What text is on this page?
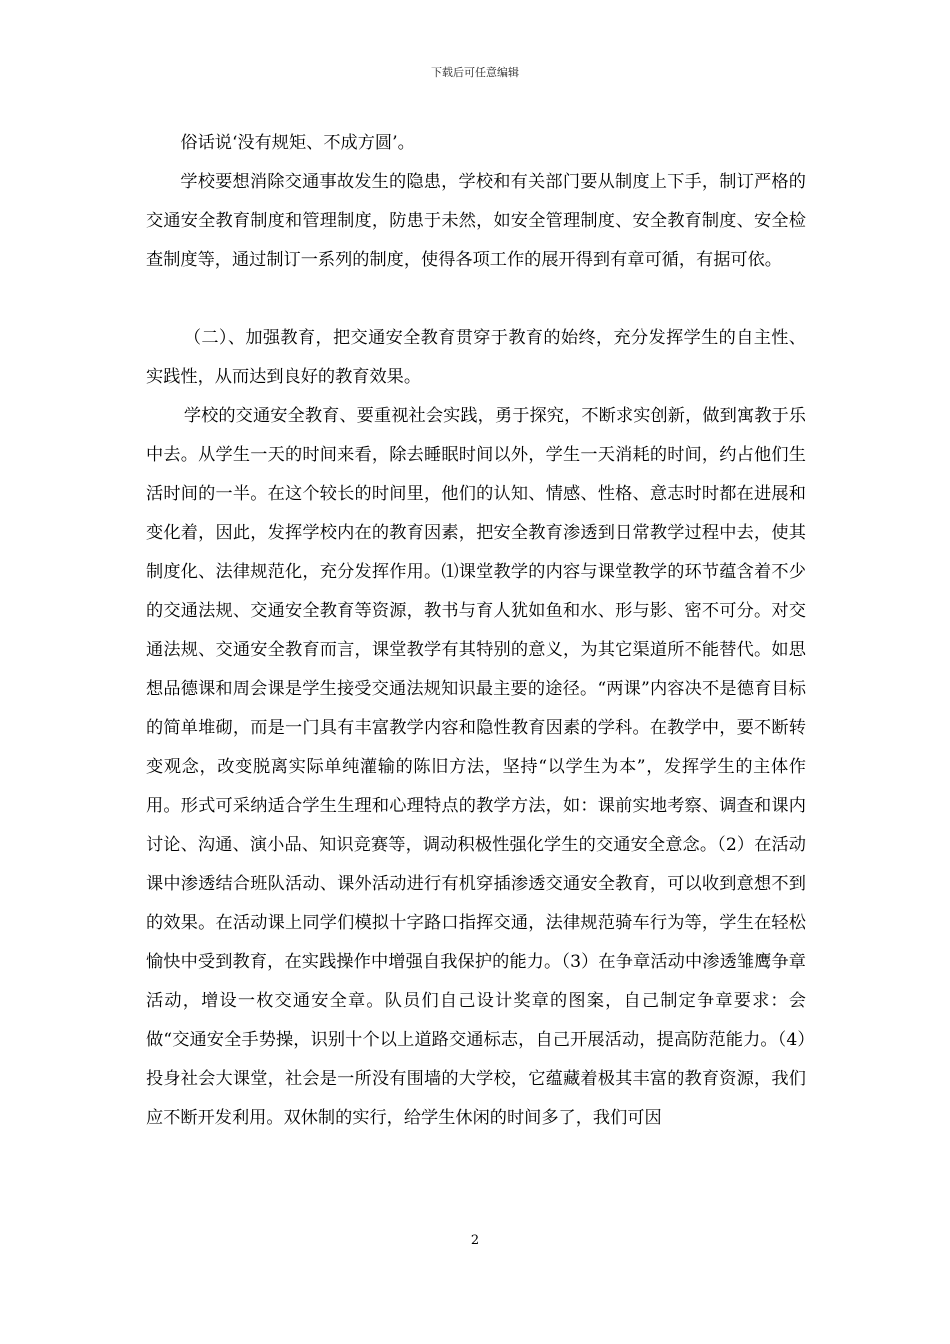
下载后可任意编辑

俗话说‘没有规矩、不成方圆’。

学校要想消除交通事故发生的隐患，学校和有关部门要从制度上下手，制订严格的交通安全教育制度和管理制度，防患于未然，如安全管理制度、安全教育制度、安全检查制度等，通过制订一系列的制度，使得各项工作的展开得到有章可循，有据可依。

（二）、加强教育，把交通安全教育贯穿于教育的始终，充分发挥学生的自主性、实践性，从而达到良好的教育效果。

学校的交通安全教育、要重视社会实践，勇于探究，不断求实创新，做到寓教于乐中去。从学生一天的时间来看，除去睡眠时间以外，学生一天消耗的时间，约占他们生活时间的一半。在这个较长的时间里，他们的认知、情感、性格、意志时时都在进展和变化着，因此，发挥学校内在的教育因素，把安全教育渗透到日常教学过程中去，使其制度化、法律规范化，充分发挥作用。⑴课堂教学的内容与课堂教学的环节蕴含着不少的交通法规、交通安全教育等资源，教书与育人犹如鱼和水、形与影、密不可分。对交通法规、交通安全教育而言，课堂教学有其特别的意义，为其它渠道所不能替代。如思想品德课和周会课是学生接受交通法规知识最主要的途径。“两课”内容决不是德育目标的简单堆砌，而是一门具有丰富教学内容和隐性教育因素的学科。在教学中，要不断转变观念，改变脱离实际单纯灌输的陈旧方法，坚持“以学生为本”，发挥学生的主体作用。形式可采纳适合学生生理和心理特点的教学方法，如：课前实地考察、调查和课内讨论、沟通、演小品、知识竞赛等，调动积极性强化学生的交通安全意念。（2）在活动课中渗透结合班队活动、课外活动进行有机穿插渗透交通安全教育，可以收到意想不到的效果。在活动课上同学们模拟十字路口指挥交通，法律规范骑车行为等，学生在轻松愉快中受到教育，在实践操作中增强自我保护的能力。（3）在争章活动中渗透雏鹰争章活动，增设一枚交通安全章。队员们自己设计奖章的图案，自己制定争章要求：会做“交通安全手势操，识别十个以上道路交通标志，自己开展活动，提高防范能力。（4）投身社会大课堂，社会是一所没有围墙的大学校，它蕴藏着极其丰富的教育资源，我们应不断开发利用。双休制的实行，给学生休闲的时间多了，我们可因

2
